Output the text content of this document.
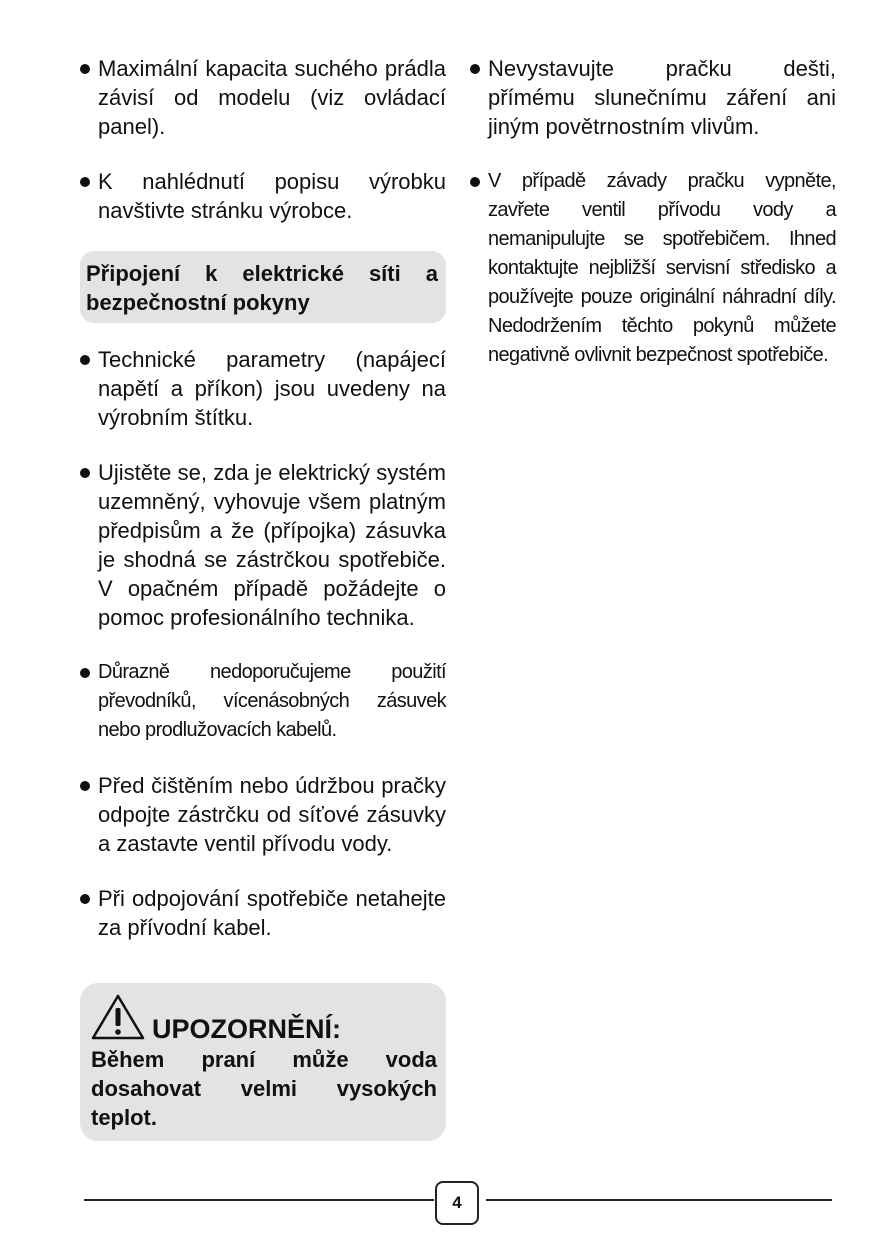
Maximální kapacita suchého prádla závisí od modelu (viz ovládací panel).
K nahlédnutí popisu výrobku navštivte stránku výrobce.
Připojení k elektrické síti a bezpečnostní pokyny
Technické parametry (napájecí napětí a příkon) jsou uvedeny na výrobním štítku.
Ujistěte se, zda je elektrický systém uzemněný, vyhovuje všem platným předpisům a že (přípojka) zásuvka je shodná se zástrčkou spotřebiče. V opačném případě požádejte o pomoc profesionálního technika.
Důrazně nedoporučujeme použití převodníků, vícenásobných zásuvek nebo prodlužovacích kabelů.
Před čištěním nebo údržbou pračky odpojte zástrčku od síťové zásuvky a zastavte ventil přívodu vody.
Při odpojování spotřebiče netahejte za přívodní kabel.
UPOZORNĚNÍ:
Během praní může voda dosahovat velmi vysokých teplot.
Nevystavujte pračku dešti, přímému slunečnímu záření ani jiným povětrnostním vlivům.
V případě závady pračku vypněte, zavřete ventil přívodu vody a nemanipulujte se spotřebičem. Ihned kontaktujte nejbližší servisní středisko a používejte pouze originální náhradní díly. Nedodržením těchto pokynů můžete negativně ovlivnit bezpečnost spotřebiče.
4
